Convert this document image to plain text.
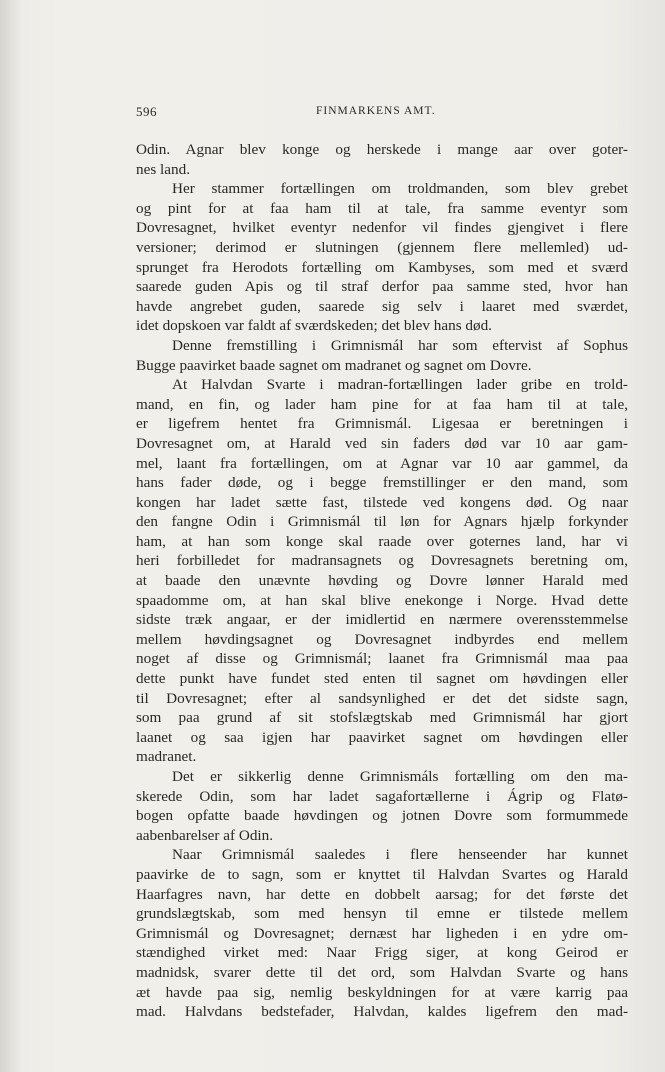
596	FINMARKENS AMT.
Odin. Agnar blev konge og herskede i mange aar over goter-
nes land.
Her stammer fortællingen om troldmanden, som blev grebet
og pint for at faa ham til at tale, fra samme eventyr som
Dovresagnet, hvilket eventyr nedenfor vil findes gjengivet i flere
versioner; derimod er slutningen (gjennem flere mellemled) ud-
sprunget fra Herodots fortælling om Kambyses, som med et sværd
saarede guden Apis og til straf derfor paa samme sted, hvor han
havde angrebet guden, saarede sig selv i laaret med sværdet,
idet dopskoen var faldt af sværdskeden; det blev hans død.
Denne fremstilling i Grimnismál har som eftervist af Sophus
Bugge paavirket baade sagnet om madranet og sagnet om Dovre.
At Halvdan Svarte i madran-fortællingen lader gribe en trold-
mand, en fin, og lader ham pine for at faa ham til at tale,
er ligefrem hentet fra Grimnismál. Ligesaa er beretningen i
Dovresagnet om, at Harald ved sin faders død var 10 aar gam-
mel, laant fra fortællingen, om at Agnar var 10 aar gammel, da
hans fader døde, og i begge fremstillinger er den mand, som
kongen har ladet sætte fast, tilstede ved kongens død. Og naar
den fangne Odin i Grimnismál til løn for Agnars hjælp forkynder
ham, at han som konge skal raade over goternes land, har vi
heri forbilledet for madransagnets og Dovresagnets beretning om,
at baade den unævnte høvding og Dovre lønner Harald med
spaadomme om, at han skal blive enekonge i Norge. Hvad dette
sidste træk angaar, er der imidlertid en nærmere overensstemmelse
mellem høvdingsagnet og Dovresagnet indbyrdes end mellem
noget af disse og Grimnismál; laanet fra Grimnismál maa paa
dette punkt have fundet sted enten til sagnet om høvdingen eller
til Dovresagnet; efter al sandsynlighed er det det sidste sagn,
som paa grund af sit stofslægtskab med Grimnismál har gjort
laanet og saa igjen har paavirket sagnet om høvdingen eller
madranet.
Det er sikkerlig denne Grimnismáls fortælling om den ma-
skerede Odin, som har ladet sagafortællerne i Ágrip og Flatø-
bogen opfatte baade høvdingen og jotnen Dovre som formummede
aabenbarelser af Odin.
Naar Grimnismál saaledes i flere henseender har kunnet
paavirke de to sagn, som er knyttet til Halvdan Svartes og Harald
Haarfagres navn, har dette en dobbelt aarsag; for det første det
grundslægtskab, som med hensyn til emne er tilstede mellem
Grimnismál og Dovresagnet; dernæst har ligheden i en ydre om-
stændighed virket med: Naar Frigg siger, at kong Geirod er
madnidsk, svarer dette til det ord, som Halvdan Svarte og hans
æt havde paa sig, nemlig beskyldningen for at være karrig paa
mad. Halvdans bedstefader, Halvdan, kaldes ligefrem den mad-
